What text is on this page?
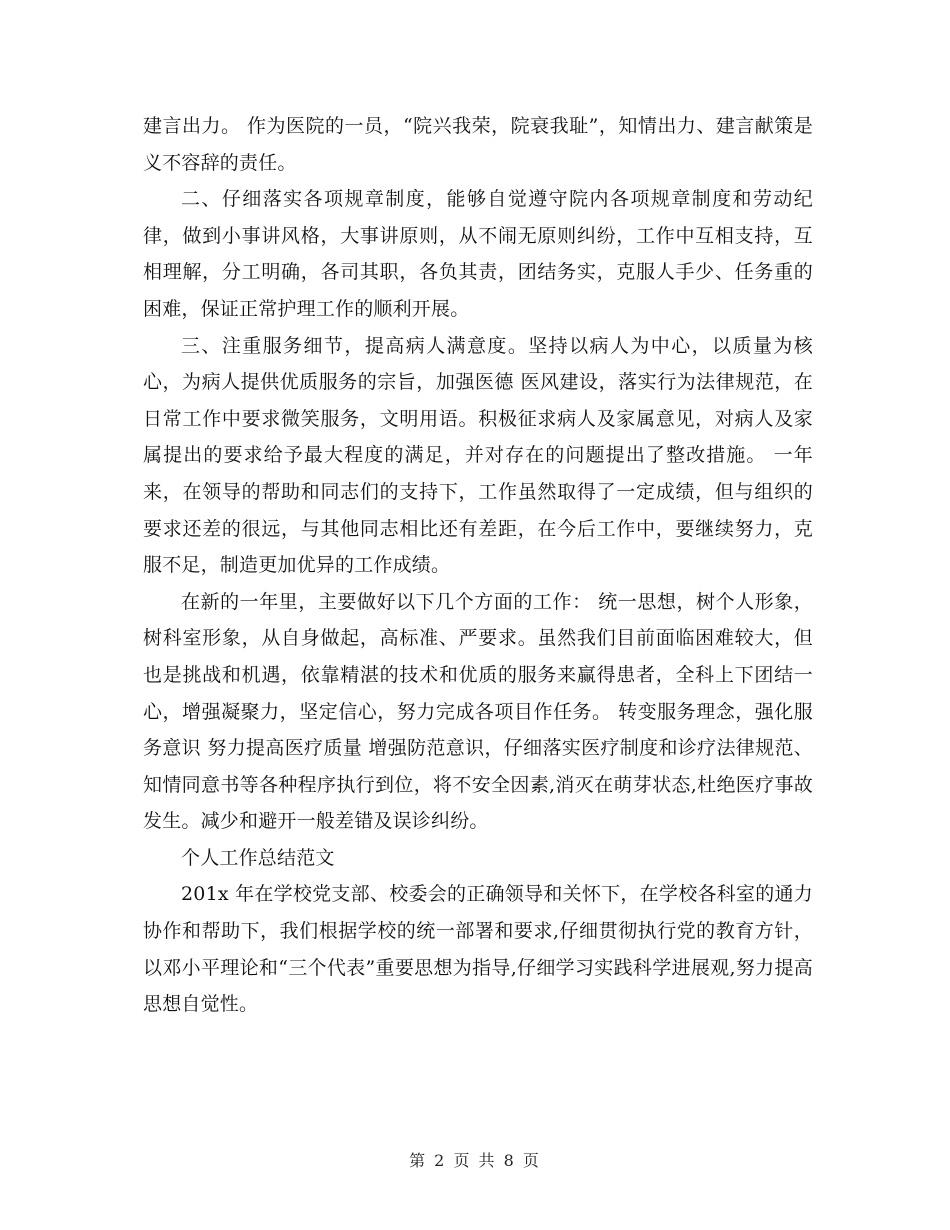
建言出力。 作为医院的一员，“院兴我荣，院衰我耻”，知情出力、建言献策是义不容辞的责任。

二、仔细落实各项规章制度，能够自觉遵守院内各项规章制度和劳动纪律，做到小事讲风格，大事讲原则，从不闹无原则纠纷，工作中互相支持，互相理解，分工明确，各司其职，各负其责，团结务实，克服人手少、任务重的困难，保证正常护理工作的顺利开展。

三、注重服务细节，提高病人满意度。坚持以病人为中心，以质量为核心，为病人提供优质服务的宗旨，加强医德 医风建设，落实行为法律规范，在日常工作中要求微笑服务，文明用语。积极征求病人及家属意见，对病人及家属提出的要求给予最大程度的满足，并对存在的问题提出了整改措施。 一年来，在领导的帮助和同志们的支持下，工作虽然取得了一定成绩，但与组织的要求还差的很远，与其他同志相比还有差距，在今后工作中，要继续努力，克服不足，制造更加优异的工作成绩。

在新的一年里，主要做好以下几个方面的工作： 统一思想，树个人形象，树科室形象，从自身做起，高标准、严要求。虽然我们目前面临困难较大，但也是挑战和机遇，依靠精湛的技术和优质的服务来赢得患者，全科上下团结一心，增强凝聚力，坚定信心，努力完成各项目作任务。 转变服务理念，强化服务意识 努力提高医疗质量 增强防范意识，仔细落实医疗制度和诊疗法律规范、知情同意书等各种程序执行到位，将不安全因素,消灭在萌芽状态,杜绝医疗事故发生。减少和避开一般差错及误诊纠纷。

个人工作总结范文

201x 年在学校党支部、校委会的正确领导和关怀下，在学校各科室的通力协作和帮助下，我们根据学校的统一部署和要求,仔细贯彻执行党的教育方针，以邓小平理论和“三个代表”重要思想为指导,仔细学习实践科学进展观,努力提高思想自觉性。

第 2 页 共 8 页
